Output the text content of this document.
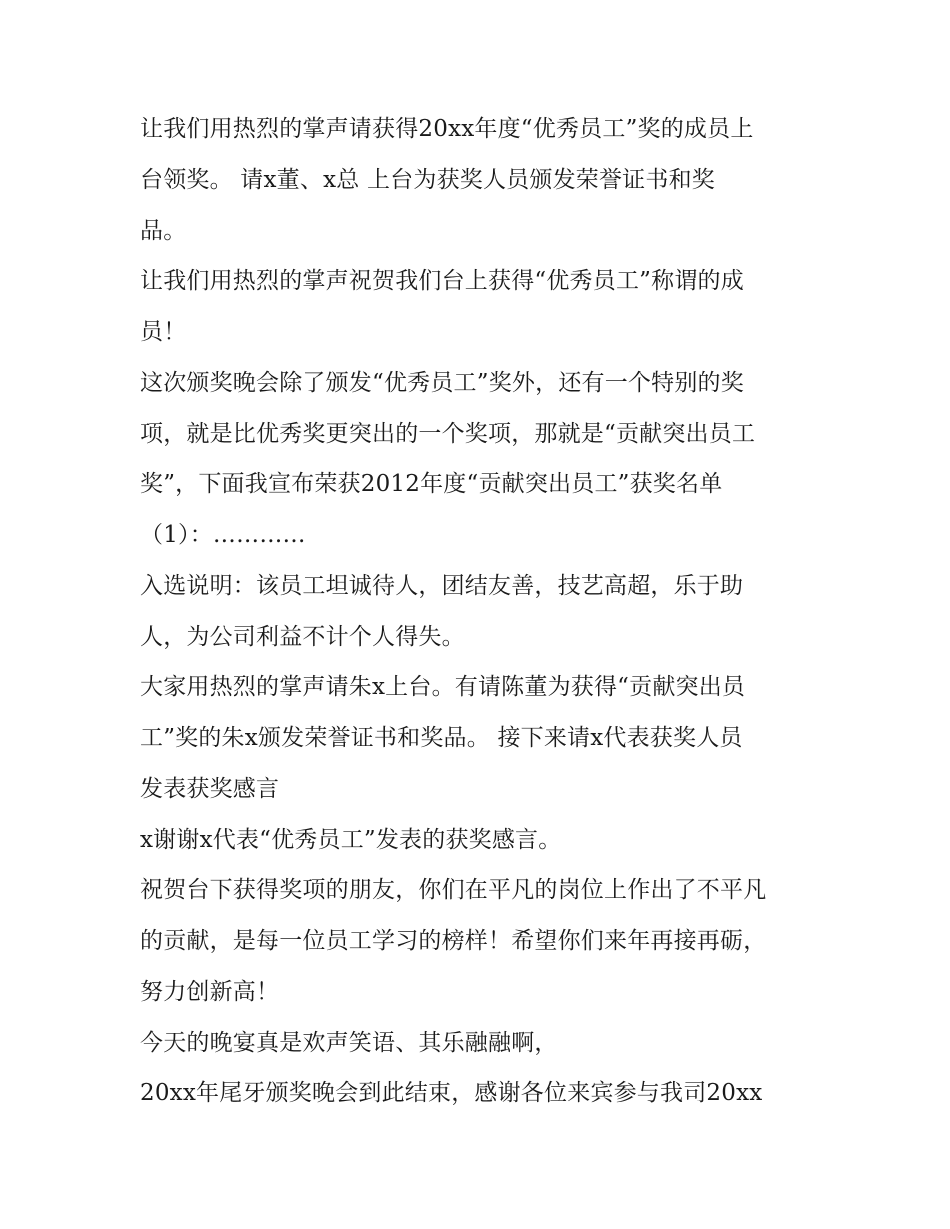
让我们用热烈的掌声请获得20xx年度“优秀员工”奖的成员上

台领奖。 请x董、x总 上台为获奖人员颁发荣誉证书和奖

品。

让我们用热烈的掌声祝贺我们台上获得“优秀员工”称谓的成

员！

这次颁奖晚会除了颁发“优秀员工”奖外，还有一个特别的奖

项，就是比优秀奖更突出的一个奖项，那就是“贡献突出员工

奖”，下面我宣布荣获2012年度“贡献突出员工”获奖名单

（1）：…………

入选说明：该员工坦诚待人，团结友善，技艺高超，乐于助

人，为公司利益不计个人得失。

大家用热烈的掌声请朱x上台。有请陈董为获得“贡献突出员

工”奖的朱x颁发荣誉证书和奖品。 接下来请x代表获奖人员

发表获奖感言

x谢谢x代表“优秀员工”发表的获奖感言。

祝贺台下获得奖项的朋友，你们在平凡的岗位上作出了不平凡

的贡献，是每一位员工学习的榜样！希望你们来年再接再砺，

努力创新高！

今天的晚宴真是欢声笑语、其乐融融啊，

20xx年尾牙颁奖晚会到此结束，感谢各位来宾参与我司20xx
